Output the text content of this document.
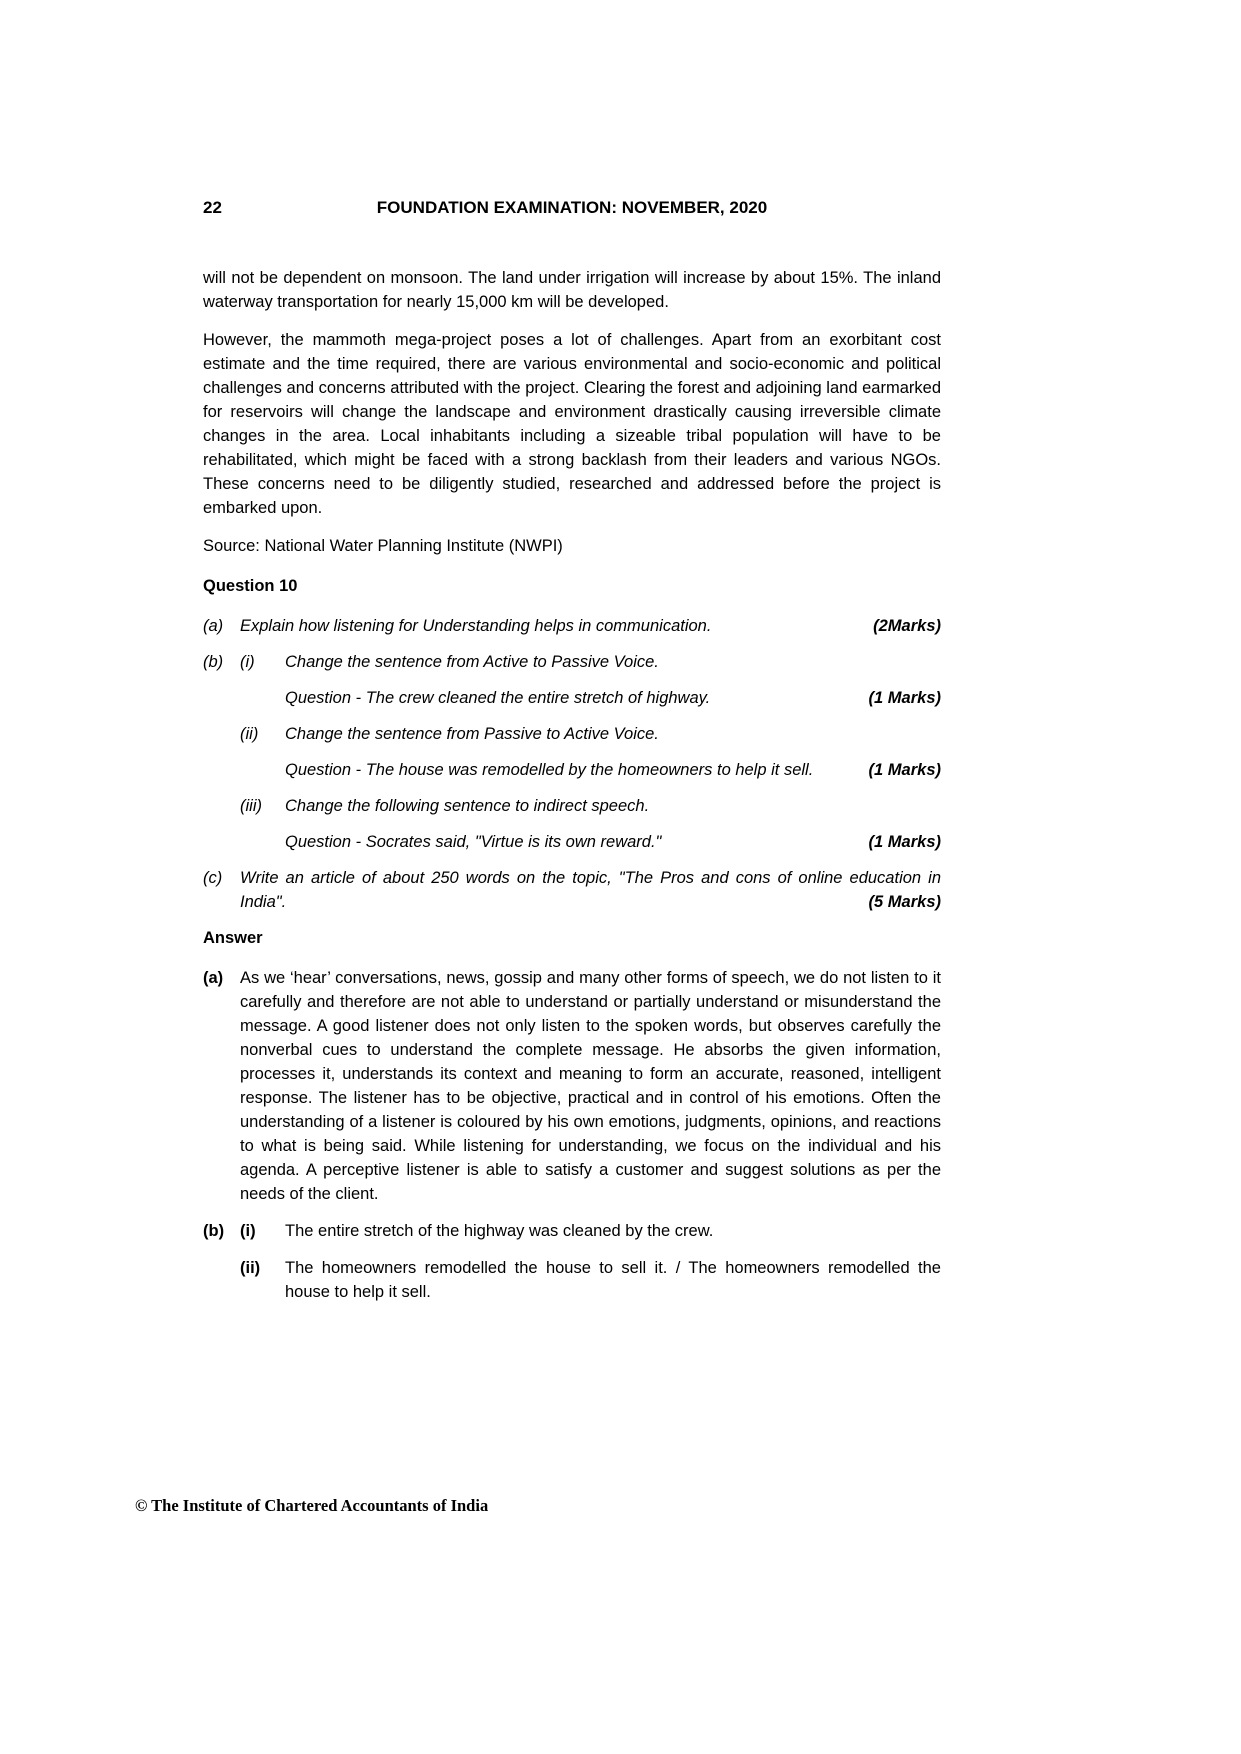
22	FOUNDATION EXAMINATION: NOVEMBER, 2020

will not be dependent on monsoon. The land under irrigation will increase by about 15%. The inland waterway transportation for nearly 15,000 km will be developed.

However, the mammoth mega-project poses a lot of challenges. Apart from an exorbitant cost estimate and the time required, there are various environmental and socio-economic and political challenges and concerns attributed with the project. Clearing the forest and adjoining land earmarked for reservoirs will change the landscape and environment drastically causing irreversible climate changes in the area. Local inhabitants including a sizeable tribal population will have to be rehabilitated, which might be faced with a strong backlash from their leaders and various NGOs. These concerns need to be diligently studied, researched and addressed before the project is embarked upon.

Source: National Water Planning Institute (NWPI)

Question 10
(a)	Explain how listening for Understanding helps in communication.	(2Marks)
(b)	(i)	Change the sentence from Active to Passive Voice.
Question - The crew cleaned the entire stretch of highway.	(1 Marks)
(ii)	Change the sentence from Passive to Active Voice.
Question - The house was remodelled by the homeowners to help it sell.	(1 Marks)
(iii)	Change the following sentence to indirect speech.
Question - Socrates said, "Virtue is its own reward."	(1 Marks)
(c)	Write an article of about 250 words on the topic, "The Pros and cons of online education in India".	(5 Marks)
Answer
(a)	As we ‘hear’ conversations, news, gossip and many other forms of speech, we do not listen to it carefully and therefore are not able to understand or partially understand or misunderstand the message. A good listener does not only listen to the spoken words, but observes carefully the nonverbal cues to understand the complete message. He absorbs the given information, processes it, understands its context and meaning to form an accurate, reasoned, intelligent response. The listener has to be objective, practical and in control of his emotions. Often the understanding of a listener is coloured by his own emotions, judgments, opinions, and reactions to what is being said. While listening for understanding, we focus on the individual and his agenda. A perceptive listener is able to satisfy a customer and suggest solutions as per the needs of the client.
(b) (i)	The entire stretch of the highway was cleaned by the crew.
(ii)	The homeowners remodelled the house to sell it. / The homeowners remodelled the house to help it sell.
© The Institute of Chartered Accountants of India
